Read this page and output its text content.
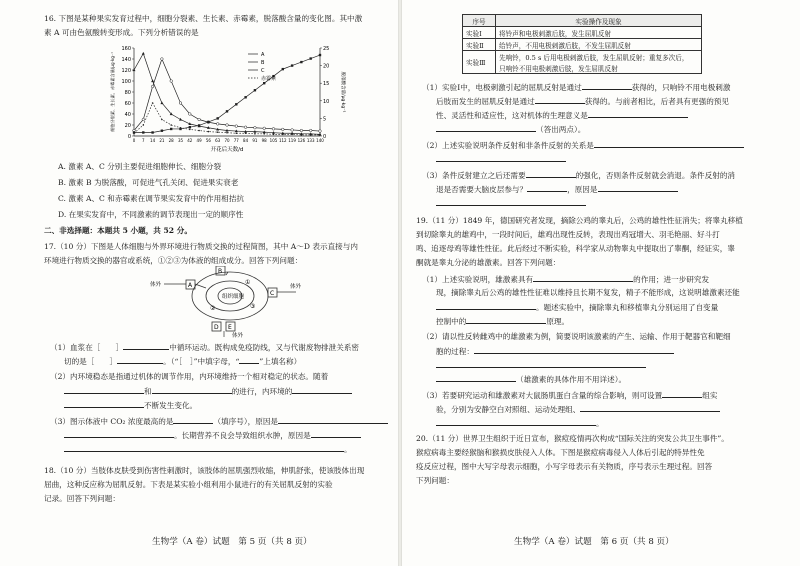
16. 下图是某种果实发育过程中，细胞分裂素、生长素、赤霉素，脱落酸含量的变化图。其中激
素 A 可由色氨酸转变形成。下列分析错误的是
0
20
40
60
80
100
120
140
160
0
5
10
15
20
25
0 7 14 21 28 35 42 49 56 63 70 77 84 91 98 105 112 119 126 133 140
开花后天数/d
细胞分裂素、生长素、赤霉素含量/μg·kg⁻¹	脱落酸含量/μg·kg⁻¹
A
B
C
赤霉素
A. 激素 A、C 分别主要促进细胞伸长、细胞分裂
B. 激素 B 为脱落酸，可促进气孔关闭、促进果实衰老
C. 激素 A、C 和赤霉素在调节果实发育中的作用相拮抗
D. 在果实发育中，不同激素的调节表现出一定的顺序性
二、非选择题：本题共 5 小题，共 52 分。
17.（10 分）下图是人体细胞与外界环境进行物质交换的过程简图，其中 A～D 表示直接与内
环境进行物质交换的器官或系统，①②③为体液的组成成分。回答下列问题：
组织细胞
①
②	③
A
B
C
D E
体外	体外
体外
（1）血浆在［　　］	中循环运动。既构成免疫防线，又与代谢废物排泄关系密
切的是［　　］	。（“［　］”中填字母，“	”上填名称）
（2）内环境稳态是指通过机体的调节作用，内环境维持一个相对稳定的状态。随着
和	的进行，内环境的
不断发生变化。
（3）图示体液中 CO₂ 浓度最高的是	（填序号），原因是
。长期营养不良会导致组织水肿，原因是
。
18.（10 分）当肢体皮肤受到伤害性刺激时，该肢体的屈肌强烈收缩，伸肌舒张，使该肢体出现
屈曲，这种反应称为屈肌反射。下表是某实验小组利用小鼠进行的有关屈肌反射的实验
记录。回答下列问题：
生物学（A 卷）试题　第 5 页（共 8 页）
序号	实验操作及现象
实验Ⅰ	将铃声和电极刺激后肢，发生屈肌反射
实验Ⅱ	给铃声，不用电极刺激后肢，不发生屈肌反射
实验Ⅲ	先响铃，0.5 s 后用电极刺激后肢，发生屈肌反射；重复多次后，
	只响铃不用电极刺激后肢，发生屈肌反射
（1）实验Ⅰ中，电极刺激引起的屈肌反射是通过	获得的，只响铃不用电极刺激
后肢而发生的屈肌反射是通过	获得的。与前者相比，后者具有更强的预见
性、灵活性和适应性，这对机体的生理意义是
（答出两点）。
（2）上述实验说明条件反射和非条件反射的关系是
（3）条件反射建立之后还需要	的强化，否则条件反射就会消退。条件反射的消
退是否需要大脑皮层参与？	，原因是
19.（11 分）1849 年，德国研究者发现，摘除公鸡的睾丸后，公鸡的雄性性征消失；将睾丸移植
到切除睾丸的雄鸡中，一段时间后，雄鸡出现性反转，表现出鸡冠增大、羽毛艳丽、好斗打
鸣、追逐母鸡等雄性性征。此后经过不断实验，科学家从动物睾丸中提取出了睾酮，经证实，睾
酮就是睾丸分泌的雄激素。回答下列问题：
（1）上述实验说明，雄激素具有	的作用；进一步研究发
现，摘除睾丸后公鸡的雄性性征难以维持且长期不复发，精子不能形成，这说明雄激素还能
。题述实验中，摘除睾丸和移植睾丸分别运用了自变量
控制中的	原理。
（2）请以性反转雌鸡中的雄激素为例，简要说明该激素的产生、运输、作用于靶器官和靶细
胞的过程：
（雄激素的具体作用不用详述）。
（3）若要研究运动和雄激素对大鼠肠肌蛋白含量的综合影响，则可设置	组实
验，分别为安静空白对照组、运动处理组、
。
20.（11 分）世界卫生组织于近日宣布，猴痘疫情再次构成“国际关注的突发公共卫生事件”。
猴痘病毒主要经猴脑和猴损皮肤侵入人体。下图是猴痘病毒侵入人体后引起的特异性免
疫反应过程，图中大写字母表示细胞，小写字母表示有关物质，序号表示生理过程。回答
下列问题：
生物学（A 卷）试题　第 6 页（共 8 页）
